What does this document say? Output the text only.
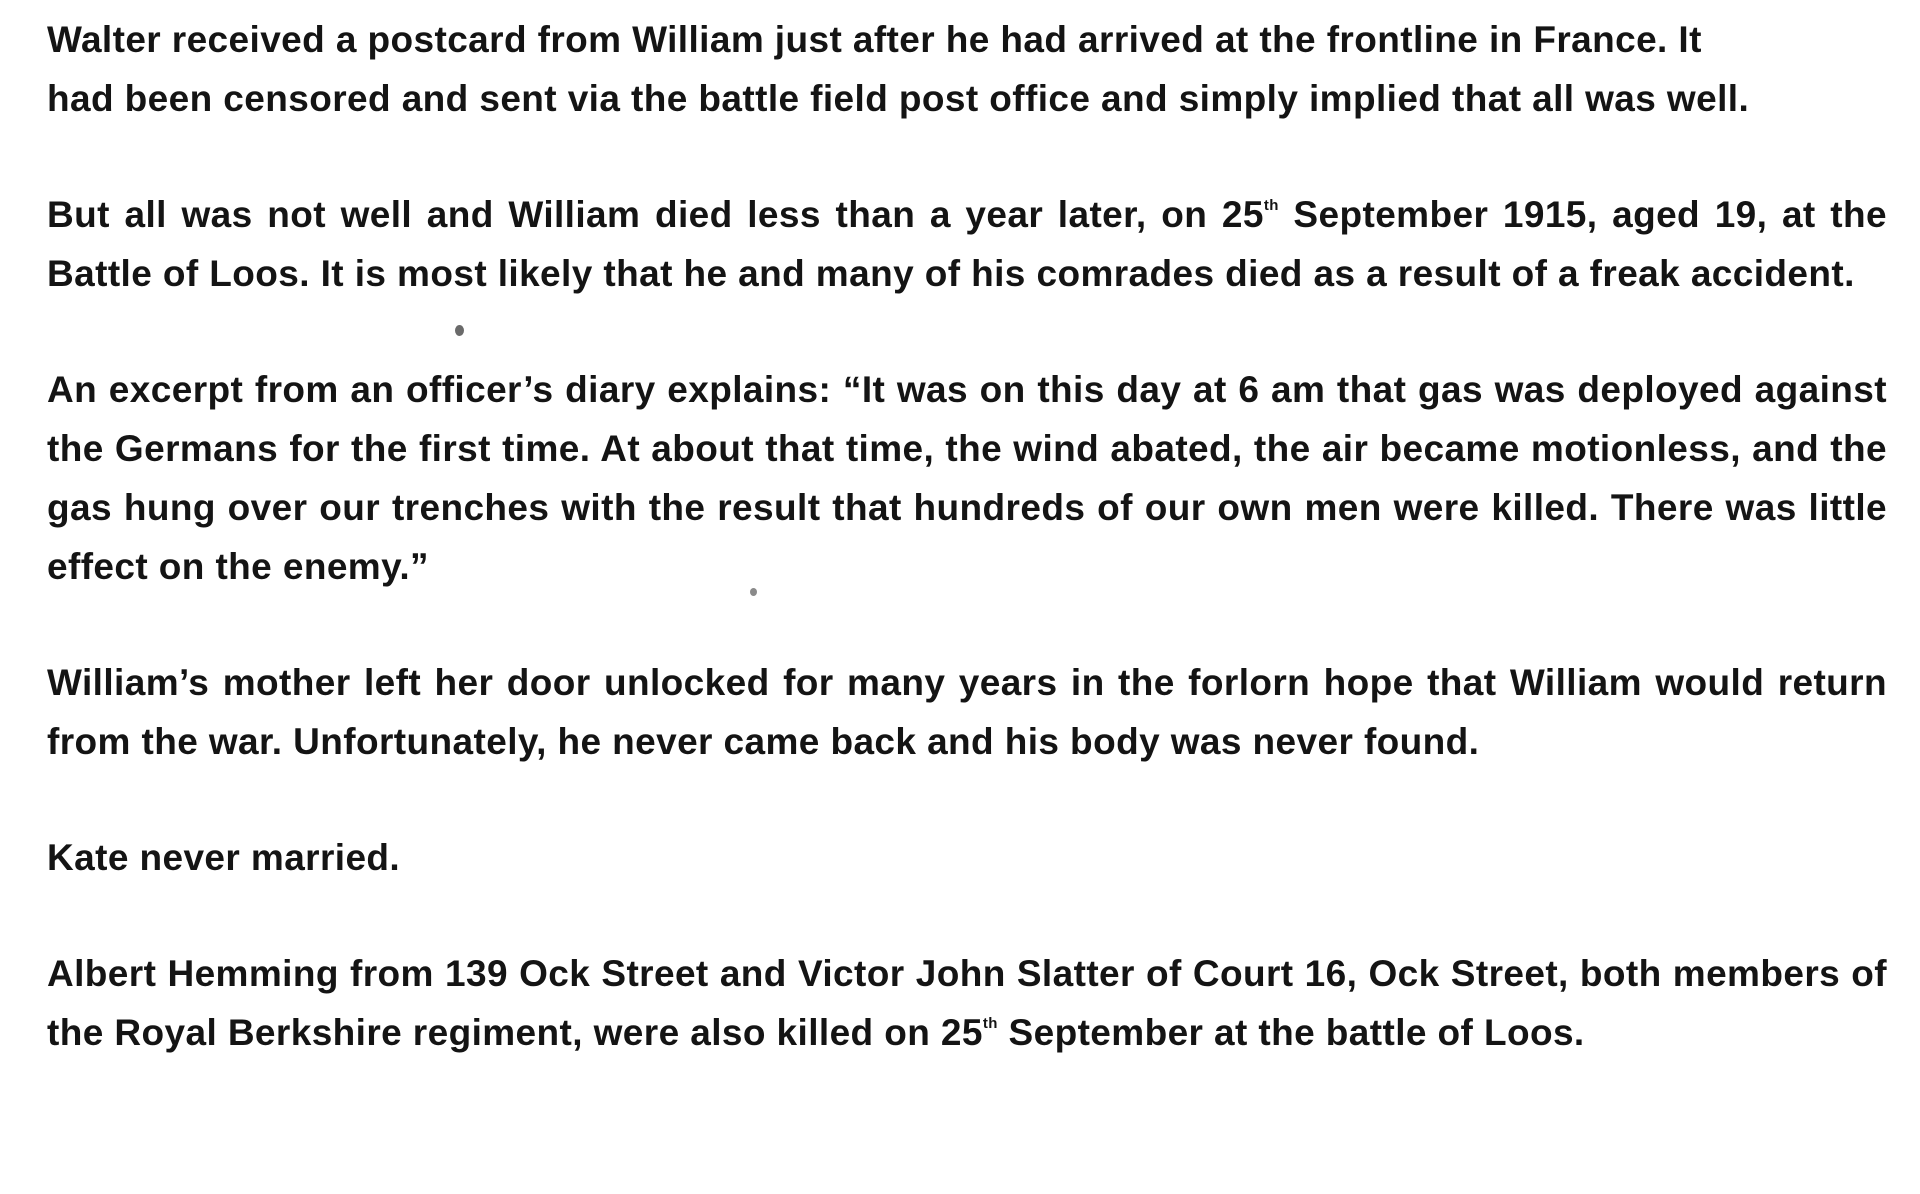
Walter received a postcard from William just after he had arrived at the frontline in France. It
had been censored and sent via the battle field post office and simply implied that all was well.

But all was not well and William died less than a year later, on 25th September 1915, aged 19, at the Battle of Loos. It is most likely that he and many of his comrades died as a result of a freak accident.

An excerpt from an officer’s diary explains: “It was on this day at 6 am that gas was deployed against the Germans for the first time. At about that time, the wind abated, the air became motionless, and the gas hung over our trenches with the result that hundreds of our own men were killed. There was little effect on the enemy.”

William’s mother left her door unlocked for many years in the forlorn hope that William would return from the war. Unfortunately, he never came back and his body was never found.

Kate never married.

Albert Hemming from 139 Ock Street and Victor John Slatter of Court 16, Ock Street, both members of the Royal Berkshire regiment, were also killed on 25th September at the battle of Loos.
